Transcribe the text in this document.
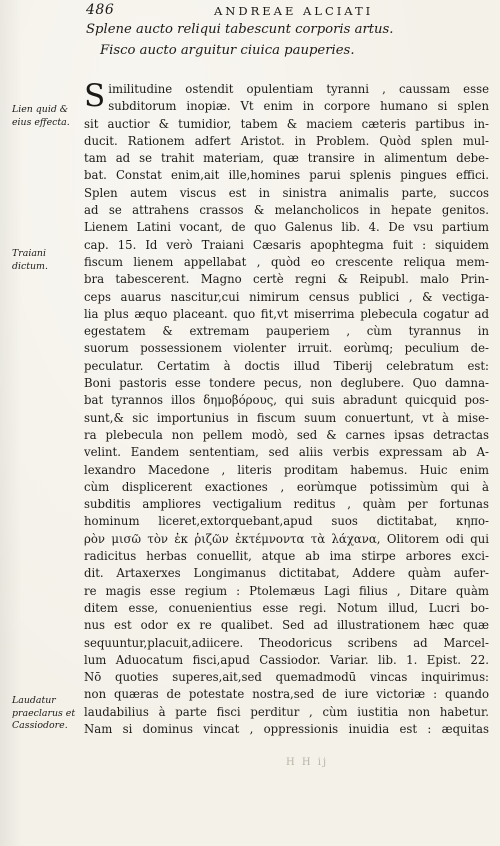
486	ANDREAE ALCIATI
Splene aucto reliqui tabescunt corporis artus.
Fisco aucto arguitur ciuica pauperies.
Lien quid & eius effecta.
Traiani dictum.
Laudatur praeclarus et Cassiodore.
S imilitudine ostendit opulentiam tyranni , caussam esse
subditorum inopiæ. Vt enim in corpore humano si splen
sit auctior & tumidior, tabem & maciem cæteris partibus in-
ducit. Rationem adfert Aristot. in Problem. Quòd splen mul-
tam ad se trahit materiam, quæ transire in alimentum debe-
bat. Constat enim,ait ille,homines parui splenis pingues effici.
Splen autem viscus est in sinistra animalis parte, succos
ad se attrahens crassos & melancholicos in hepate genitos.
Lienem Latini vocant, de quo Galenus lib. 4. De vsu partium
cap. 15. Id verò Traiani Cæsaris apophtegma fuit : siquidem
fiscum lienem appellabat , quòd eo crescente reliqua mem-
bra tabescerent. Magno certè regni & Reipubl. malo Prin-
ceps auarus nascitur,cui nimirum census publici , & vectiga-
lia plus æquo placeant. quo fit,vt miserrima plebecula cogatur ad egestatem & extremam pauperiem , cùm tyrannus in
suorum possessionem violenter irruit. eorùmq; peculium de-
peculatur. Certatim à doctis illud Tiberij celebratum est:
Boni pastoris esse tondere pecus, non deglubere. Quo damna-
bat tyrannos illos δημοβόρους, qui suis abradunt quicquid pos-
sunt,& sic importunius in fiscum suum conuertunt, vt à mise-
ra plebecula non pellem modò, sed & carnes ipsas detractas
velint. Eandem sententiam, sed aliis verbis expressam ab A-
lexandro Macedone , literis proditam habemus. Huic enim
cùm displicerent exactiones , eorùmque potissimùm qui à
subditis ampliores vectigalium reditus , quàm per fortunas
hominum liceret,extorquebant,apud suos dictitabat, κηπο-
ρὸν μισῶ τὸν ἐκ ῥιζῶν ἐκτέμνοντα τὰ λάχανα, Olitorem odi qui
radicitus herbas conuellit, atque ab ima stirpe arbores exci-
dit. Artaxerxes Longimanus dictitabat, Addere quàm aufer-
re magis esse regium : Ptolemæus Lagi filius , Ditare quàm
ditem esse, conuenientius esse regi. Notum illud, Lucri bo-
nus est odor ex re qualibet. Sed ad illustrationem hæc quæ
sequuntur,placuit,adiicere. Theodoricus scribens ad Marcel-
lum Aduocatum fisci,apud Cassiodor. Variar. lib. 1. Epist. 22.
Nō quoties superes,ait,sed quemadmodū vincas inquirimus:
non quæras de potestate nostra,sed de iure victoriæ : quando
laudabilius à parte fisci perditur , cùm iustitia non habetur.
Nam si dominus vincat , oppressionis inuidia est : æquitas
H H ij
